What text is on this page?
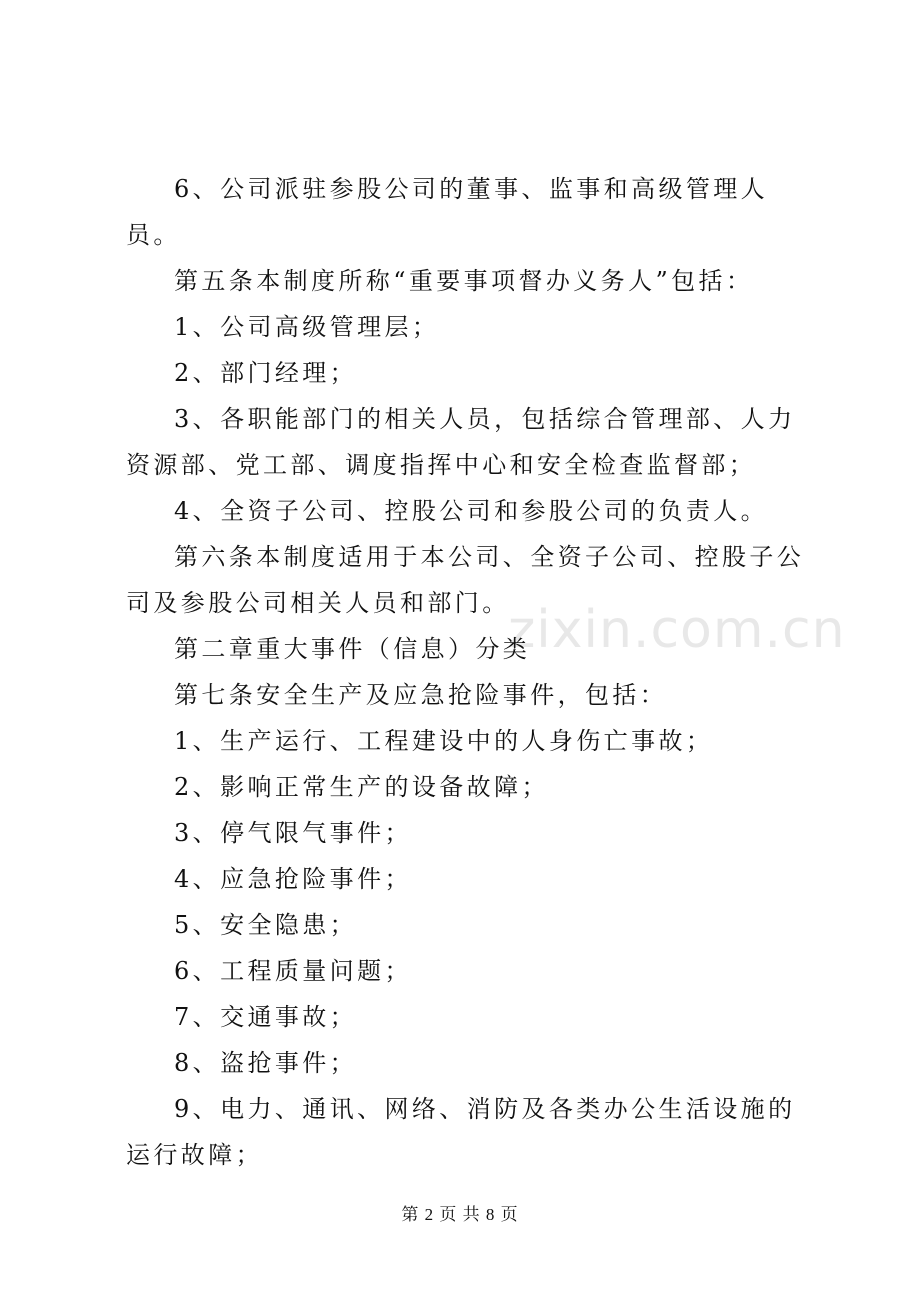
zixin.com.cn

6、公司派驻参股公司的董事、监事和高级管理人员。

第五条本制度所称“重要事项督办义务人”包括：

1、公司高级管理层；

2、部门经理；

3、各职能部门的相关人员，包括综合管理部、人力资源部、党工部、调度指挥中心和安全检查监督部；

4、全资子公司、控股公司和参股公司的负责人。

第六条本制度适用于本公司、全资子公司、控股子公司及参股公司相关人员和部门。

第二章重大事件（信息）分类

第七条安全生产及应急抢险事件，包括：

1、生产运行、工程建设中的人身伤亡事故；

2、影响正常生产的设备故障；

3、停气限气事件；

4、应急抢险事件；

5、安全隐患；

6、工程质量问题；

7、交通事故；

8、盗抢事件；

9、电力、通讯、网络、消防及各类办公生活设施的运行故障；

第 2 页 共 8 页
